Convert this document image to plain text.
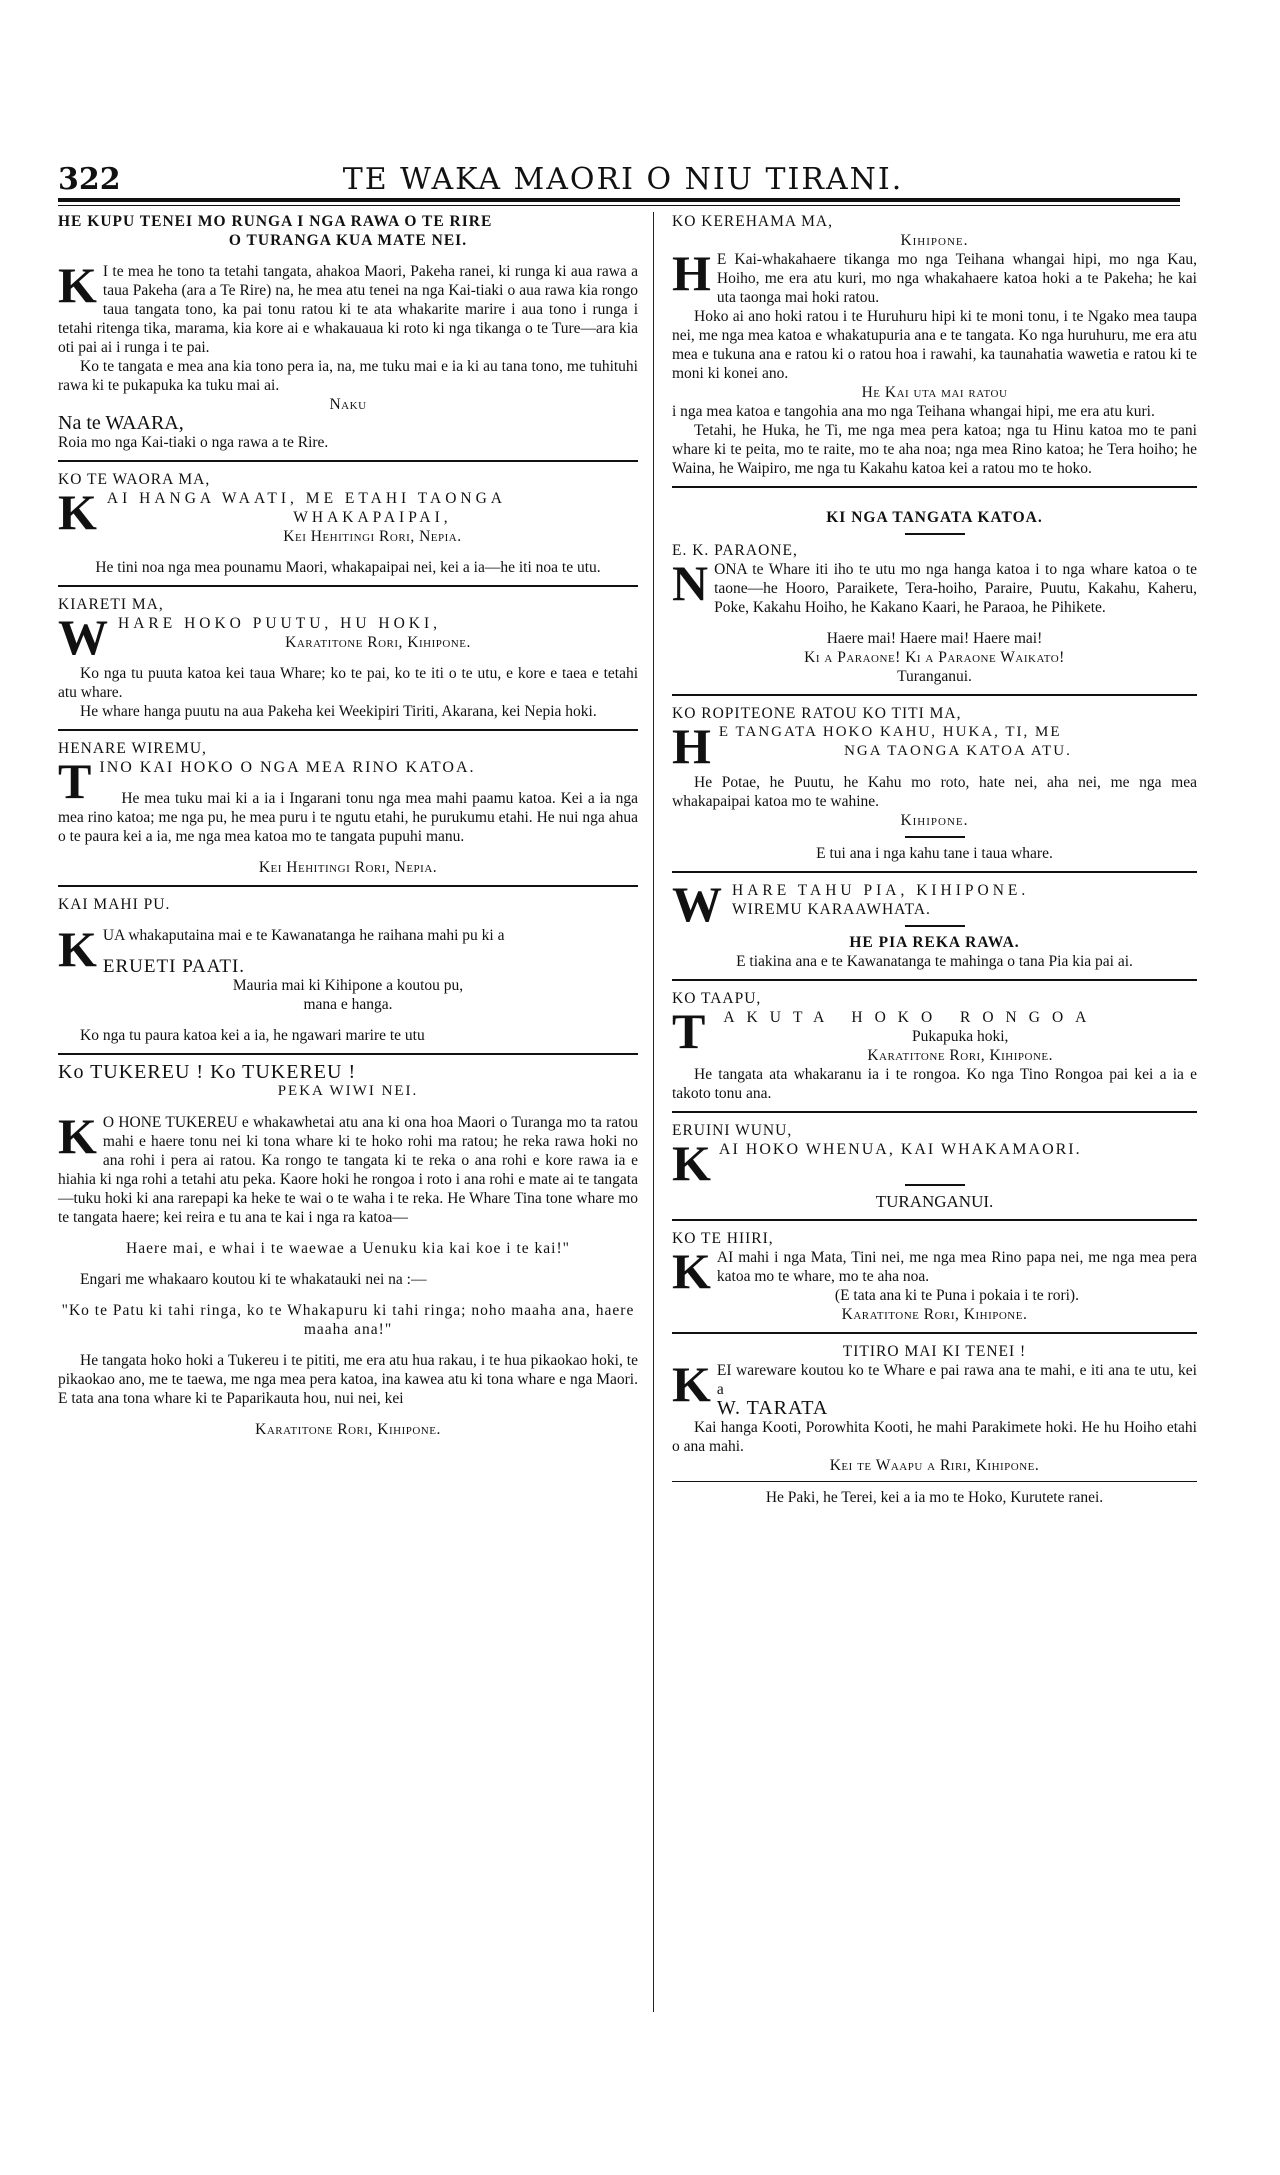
322	TE WAKA MAORI O NIU TIRANI.

HE KUPU TENEI MO RUNGA I NGA RAWA O TE RIRE

O TURANGA KUA MATE NEI.

K I te mea he tono ta tetahi tangata, ahakoa Maori, Pakeha ranei, ki runga ki aua rawa a taua Pakeha (ara a Te Rire) na, he mea atu tenei na nga Kai-tiaki o aua rawa kia rongo taua tangata tono, ka pai tonu ratou ki te ata whakarite marire i aua tono i runga i tetahi ritenga tika, marama, kia kore ai e whakauaua ki roto ki nga tikanga o te Ture—ara kia oti pai ai i runga i te pai.

Ko te tangata e mea ana kia tono pera ia, na, me tuku mai e ia ki au tana tono, me tuhituhi rawa ki te pukapuka ka tuku mai ai.

Naku

Na te WAARA,

Roia mo nga Kai-tiaki o nga rawa a te Rire.

KO TE WAORA MA,

KAI HANGA WAATI, ME ETAHI TAONGA

WHAKAPAIPAI,

Kei Hehitingi Rori, Nepia.

He tini noa nga mea pounamu Maori, whakapaipai nei, kei a ia—he iti noa te utu.

KIARETI MA,

WHARE HOKO PUUTU, HU HOKI,

Karatitone Rori, Kihipone.

Ko nga tu puuta katoa kei taua Whare; ko te pai, ko te iti o te utu, e kore e taea e tetahi atu whare.

He whare hanga puutu na aua Pakeha kei Weekipiri Tiriti, Akarana, kei Nepia hoki.

HENARE WIREMU,

TINO KAI HOKO O NGA MEA RINO KATOA.

He mea tuku mai ki a ia i Ingarani tonu nga mea mahi paamu katoa. Kei a ia nga mea rino katoa; me nga pu, he mea puru i te ngutu etahi, he purukumu etahi. He nui nga ahua o te paura kei a ia, me nga mea katoa mo te tangata pupuhi manu.

Kei Hehitingi Rori, Nepia.

KAI MAHI PU.

KUA whakaputaina mai e te Kawanatanga he raihana mahi pu ki a

ERUETI PAATI.

Mauria mai ki Kihipone a koutou pu,

mana e hanga.

Ko nga tu paura katoa kei a ia, he ngawari marire te utu

Ko TUKEREU ! Ko TUKEREU !

PEKA WIWI NEI.

K O HONE TUKEREU e whakawhetai atu ana ki ona hoa Maori o Turanga mo ta ratou mahi e haere tonu nei ki tona whare ki te hoko rohi ma ratou; he reka rawa hoki no ana rohi i pera ai ratou. Ka rongo te tangata ki te reka o ana rohi e kore rawa ia e hiahia ki nga rohi a tetahi atu peka. Kaore hoki he rongoa i roto i ana rohi e mate ai te tangata—tuku hoki ki ana rarepapi ka heke te wai o te waha i te reka. He Whare Tina tone whare mo te tangata haere; kei reira e tu ana te kai i nga ra katoa—

Haere mai, e whai i te waewae a Uenuku kia kai koe i te kai!"

Engari me whakaaro koutou ki te whakatauki nei na :—

"Ko te Patu ki tahi ringa, ko te Whakapuru ki tahi ringa; noho maaha ana, haere maaha ana!"

He tangata hoko hoki a Tukereu i te pititi, me era atu hua rakau, i te hua pikaokao hoki, te pikaokao ano, me te taewa, me nga mea pera katoa, ina kawea atu ki tona whare e nga Maori. E tata ana tona whare ki te Paparikauta hou, nui nei, kei

Karatitone Rori, Kihipone.

KO KEREHAMA MA,

Kihipone.

H E Kai-whakahaere tikanga mo nga Teihana whangai hipi, mo nga Kau, Hoiho, me era atu kuri, mo nga whakahaere katoa hoki a te Pakeha; he kai uta taonga mai hoki ratou.

Hoko ai ano hoki ratou i te Huruhuru hipi ki te moni tonu, i te Ngako mea taupa nei, me nga mea katoa e whakatupuria ana e te tangata. Ko nga huruhuru, me era atu mea e tukuna ana e ratou ki o ratou hoa i rawahi, ka taunahatia wawetia e ratou ki te moni ki konei ano.

He Kai uta mai ratou

i nga mea katoa e tangohia ana mo nga Teihana whangai hipi, me era atu kuri.

Tetahi, he Huka, he Ti, me nga mea pera katoa; nga tu Hinu katoa mo te pani whare ki te peita, mo te raite, mo te aha noa; nga mea Rino katoa; he Tera hoiho; he Waina, he Waipiro, me nga tu Kakahu katoa kei a ratou mo te hoko.

KI NGA TANGATA KATOA.

E. K. PARAONE,

NONA te Whare iti iho te utu mo nga hanga katoa i to nga whare katoa o te taone—he Hooro, Paraikete, Tera-hoiho, Paraire, Puutu, Kakahu, Kaheru, Poke, Kakahu Hoiho, he Kakano Kaari, he Paraoa, he Pihikete.

Haere mai! Haere mai! Haere mai!

Ki a Paraone! Ki a Paraone Waikato!

Turanganui.

KO ROPITEONE RATOU KO TITI MA,

H E TANGATA HOKO KAHU, HUKA, TI, ME

NGA TAONGA KATOA ATU.

He Potae, he Puutu, he Kahu mo roto, hate nei, aha nei, me nga mea whakapaipai katoa mo te wahine.

Kihipone.

E tui ana i nga kahu tane i taua whare.

WHARE TAHU PIA, KIHIPONE.

WIREMU KARAAWHATA.

HE PIA REKA RAWA.

E tiakina ana e te Kawanatanga te mahinga o tana Pia kia pai ai.

KO TAAPU,

TAKUTA HOKO RONGOA

Pukapuka hoki,

Karatitone Rori, Kihipone.

He tangata ata whakaranu ia i te rongoa. Ko nga Tino Rongoa pai kei a ia e takoto tonu ana.

ERUINI WUNU,

KAI HOKO WHENUA, KAI WHAKAMAORI.

TURANGANUI.

KO TE HIIRI,

KAI mahi i nga Mata, Tini nei, me nga mea Rino papa nei, me nga mea pera katoa mo te whare, mo te aha noa.

(E tata ana ki te Puna i pokaia i te rori).

Karatitone Rori, Kihipone.

TITIRO MAI KI TENEI !

KEI wareware koutou ko te Whare e pai rawa ana te mahi, e iti ana te utu, kei a

W. TARATA

Kai hanga Kooti, Porowhita Kooti, he mahi Parakimete hoki. He hu Hoiho etahi o ana mahi.

Kei te Waapu a Riri, Kihipone.

He Paki, he Terei, kei a ia mo te Hoko, Kurutete ranei.
